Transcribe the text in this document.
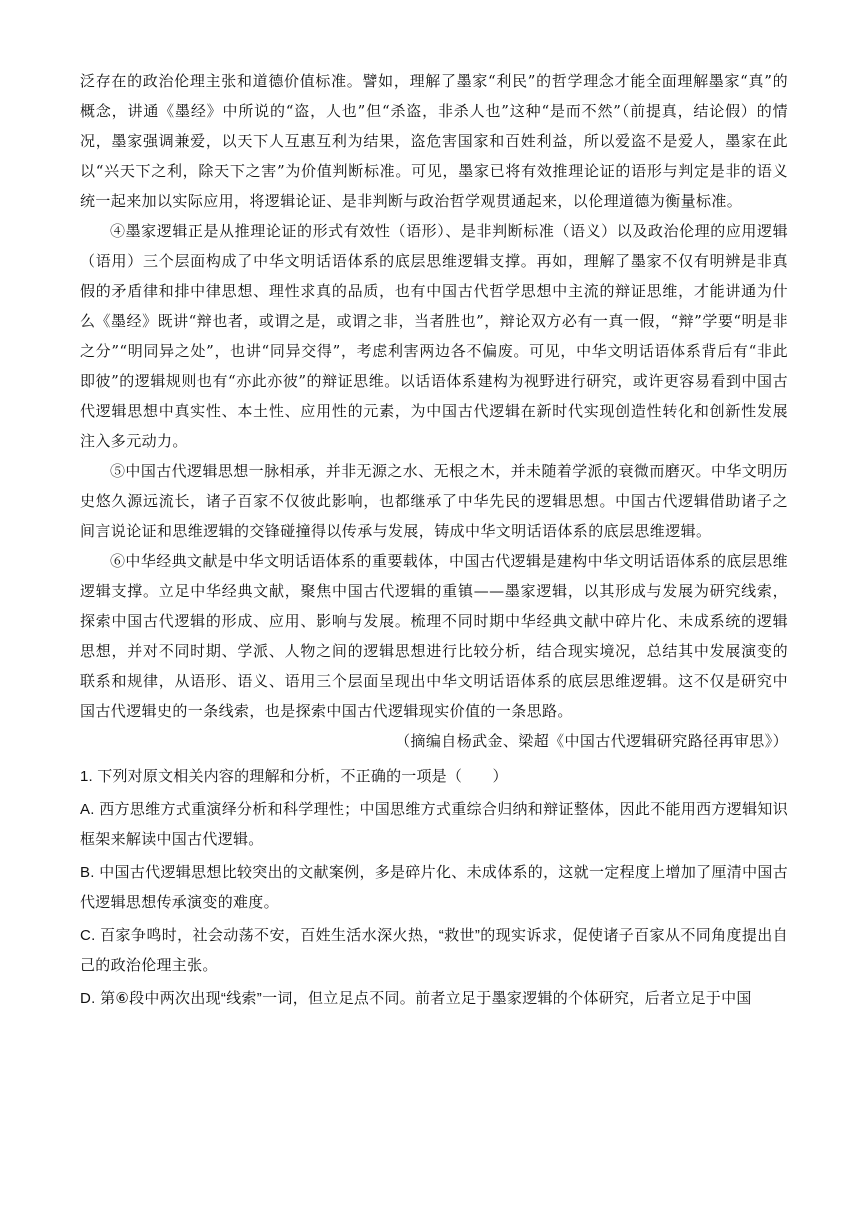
泛存在的政治伦理主张和道德价值标准。譬如，理解了墨家“利民”的哲学理念才能全面理解墨家“真”的概念，讲通《墨经》中所说的“盗，人也”但“杀盗，非杀人也”这种“是而不然”（前提真，结论假）的情况，墨家强调兼爱，以天下人互惠互利为结果，盗危害国家和百姓利益，所以爱盗不是爱人，墨家在此以“兴天下之利，除天下之害”为价值判断标准。可见，墨家已将有效推理论证的语形与判定是非的语义统一起来加以实际应用，将逻辑论证、是非判断与政治哲学观贯通起来，以伦理道德为衡量标准。

④墨家逻辑正是从推理论证的形式有效性（语形）、是非判断标准（语义）以及政治伦理的应用逻辑（语用）三个层面构成了中华文明话语体系的底层思维逻辑支撑。再如，理解了墨家不仅有明辨是非真假的矛盾律和排中律思想、理性求真的品质，也有中国古代哲学思想中主流的辩证思维，才能讲通为什么《墨经》既讲“辩也者，或谓之是，或谓之非，当者胜也”，辩论双方必有一真一假，“辩”学要“明是非之分”“明同异之处”，也讲“同异交得”，考虑利害两边各不偏废。可见，中华文明话语体系背后有“非此即彼”的逻辑规则也有“亦此亦彼”的辩证思维。以话语体系建构为视野进行研究，或许更容易看到中国古代逻辑思想中真实性、本土性、应用性的元素，为中国古代逻辑在新时代实现创造性转化和创新性发展注入多元动力。

⑤中国古代逻辑思想一脉相承，并非无源之水、无根之木，并未随着学派的衰微而磨灭。中华文明历史悠久源远流长，诸子百家不仅彼此影响，也都继承了中华先民的逻辑思想。中国古代逻辑借助诸子之间言说论证和思维逻辑的交锋碰撞得以传承与发展，铸成中华文明话语体系的底层思维逻辑。

⑥中华经典文献是中华文明话语体系的重要载体，中国古代逻辑是建构中华文明话语体系的底层思维逻辑支撑。立足中华经典文献，聚焦中国古代逻辑的重镇——墨家逻辑，以其形成与发展为研究线索，探索中国古代逻辑的形成、应用、影响与发展。梳理不同时期中华经典文献中碎片化、未成系统的逻辑思想，并对不同时期、学派、人物之间的逻辑思想进行比较分析，结合现实境况，总结其中发展演变的联系和规律，从语形、语义、语用三个层面呈现出中华文明话语体系的底层思维逻辑。这不仅是研究中国古代逻辑史的一条线索，也是探索中国古代逻辑现实价值的一条思路。

（摘编自杨武金、梁超《中国古代逻辑研究路径再审思》）

1. 下列对原文相关内容的理解和分析，不正确的一项是（　　）

A. 西方思维方式重演绎分析和科学理性；中国思维方式重综合归纳和辩证整体，因此不能用西方逻辑知识框架来解读中国古代逻辑。

B. 中国古代逻辑思想比较突出的文献案例，多是碎片化、未成体系的，这就一定程度上增加了厘清中国古代逻辑思想传承演变的难度。

C. 百家争鸣时，社会动荡不安，百姓生活水深火热，“救世”的现实诉求，促使诸子百家从不同角度提出自己的政治伦理主张。

D. 第⑥段中两次出现“线索”一词，但立足点不同。前者立足于墨家逻辑的个体研究，后者立足于中国
